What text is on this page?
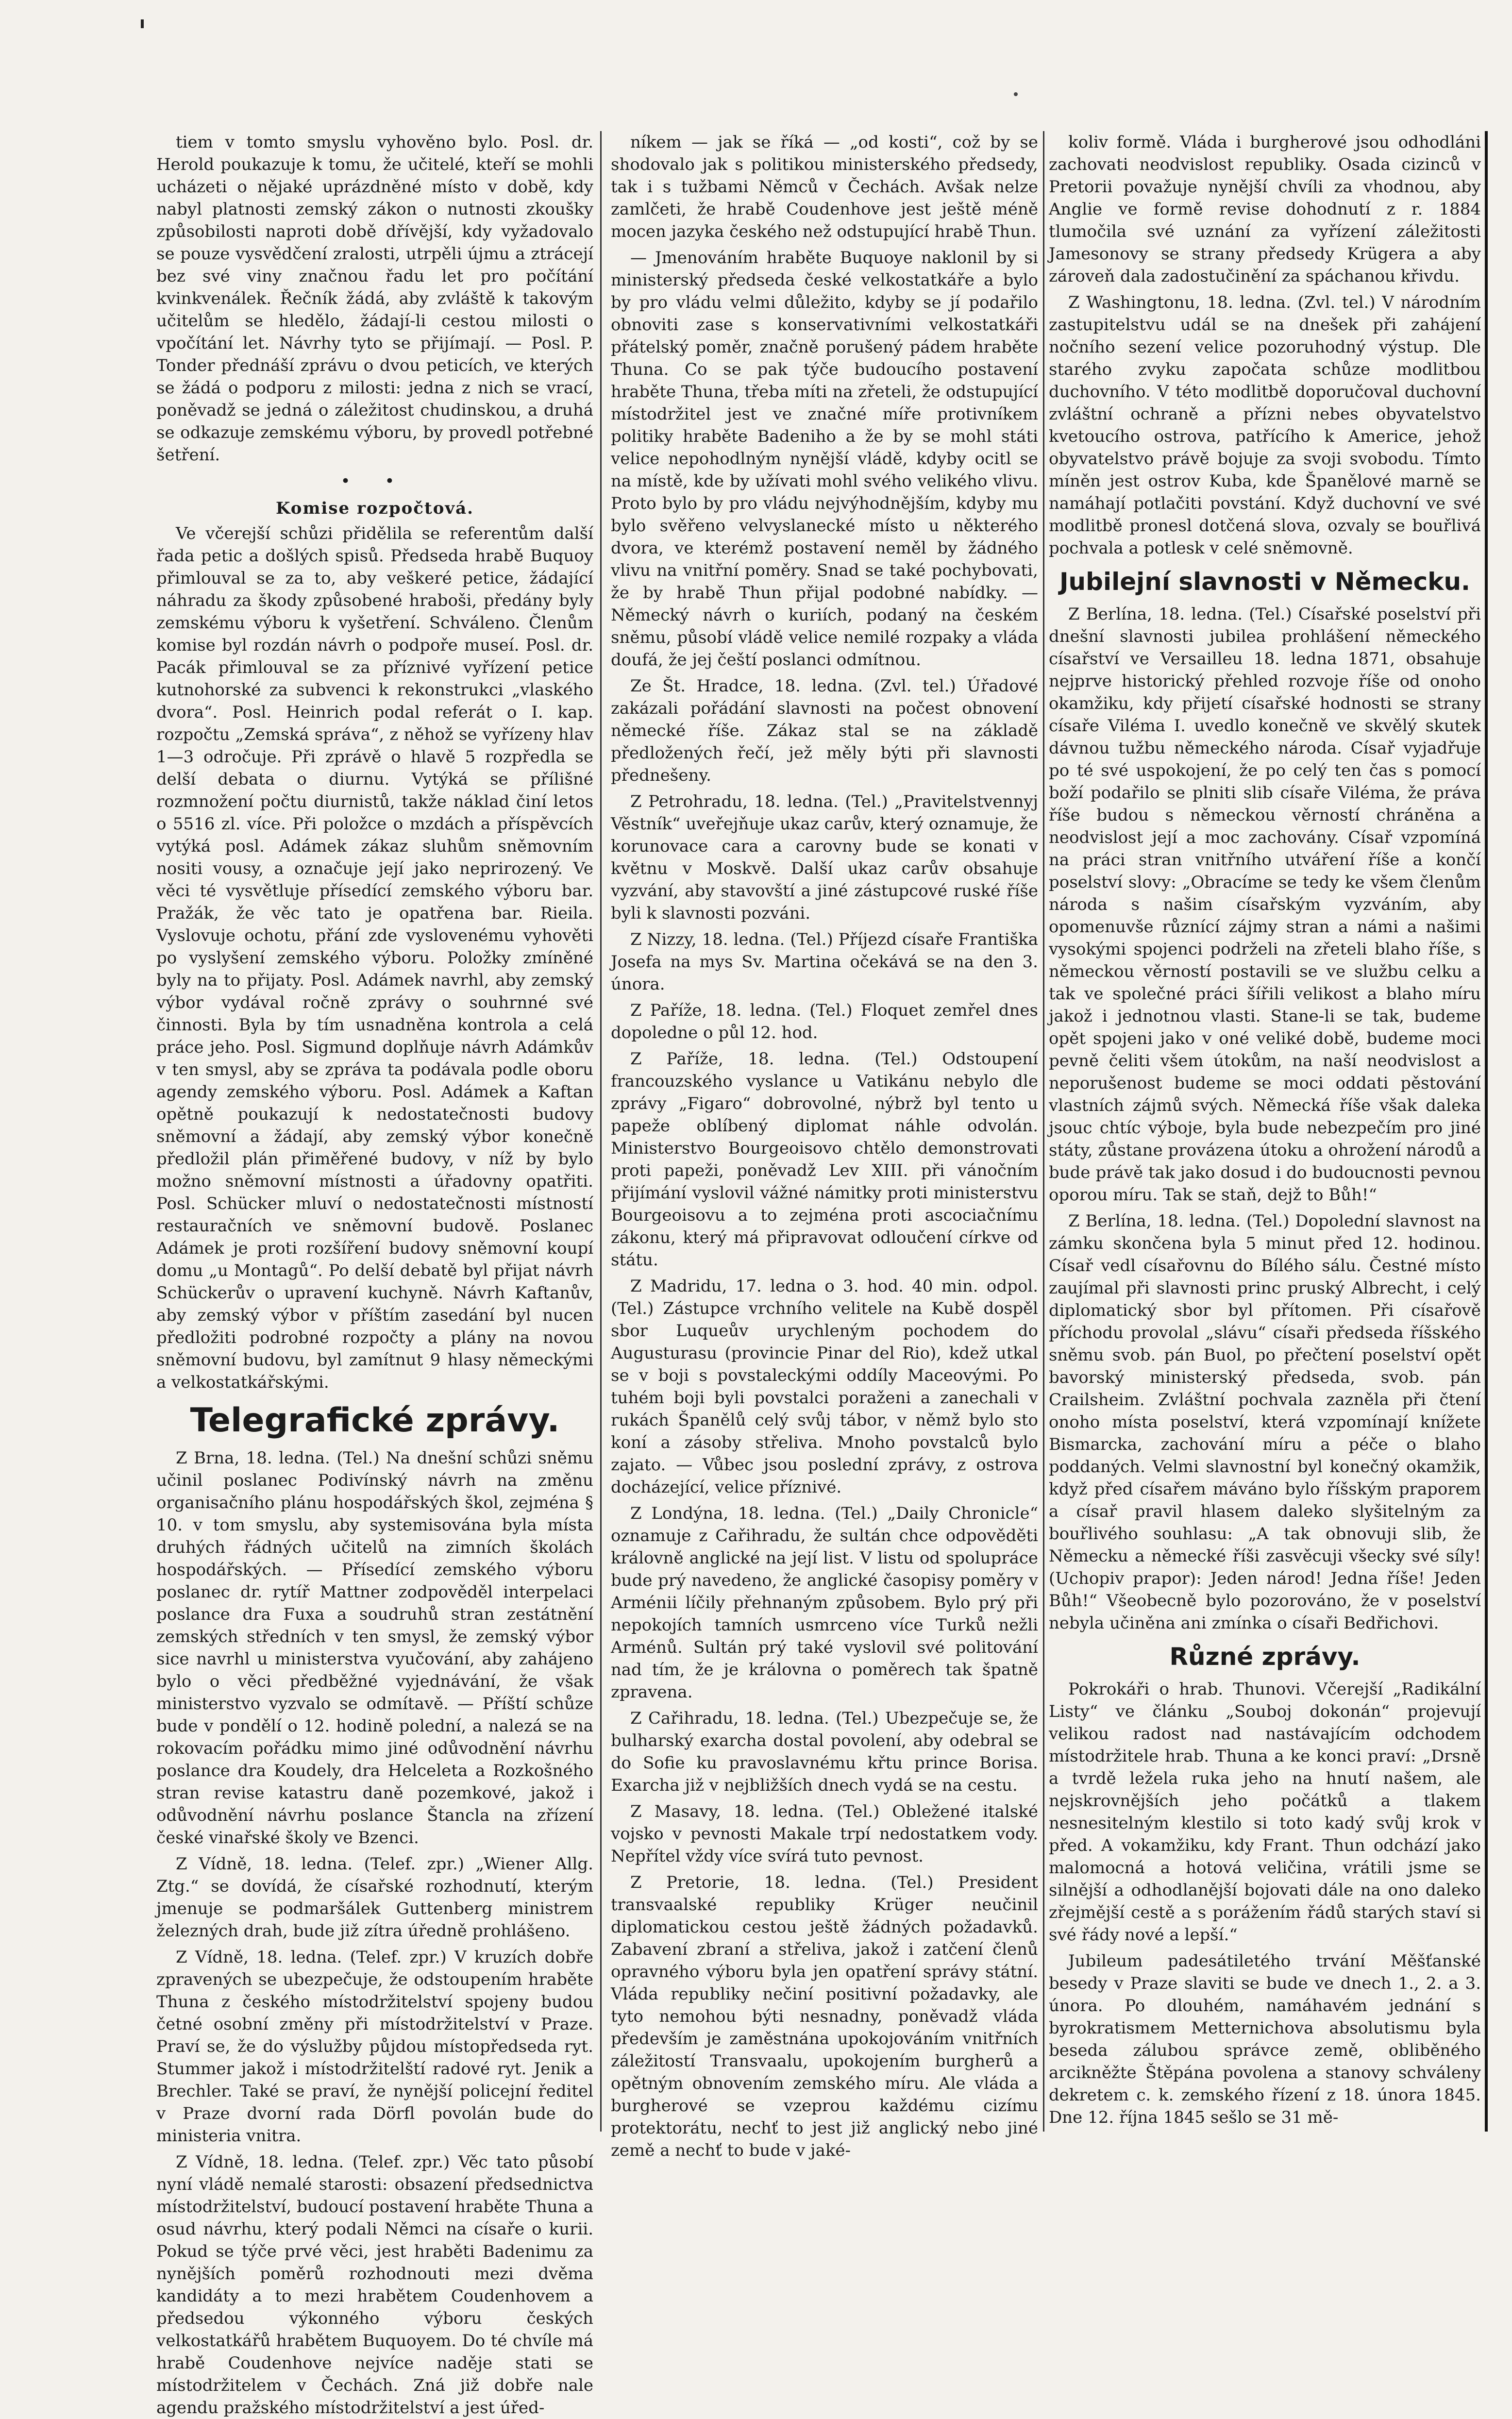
tiem v tomto smyslu vyhověno bylo. Posl. dr. Herold poukazuje k tomu, že učitelé, kteří se mohli ucházeti o nějaké uprázdněné místo v době, kdy nabyl platnosti zemský zákon o nutnosti zkoušky způsobilosti naproti době dřívější, kdy vyžadovalo se pouze vysvědčení zralosti, utrpěli újmu a ztrácejí bez své viny značnou řadu let pro počítání kvinkvenálek. Řečník žádá, aby zvláště k takovým učitelům se hledělo, žádají-li cestou milosti o vpočítání let. Návrhy tyto se přijímají. — Posl. P. Tonder přednáší zprávu o dvou peticích, ve kterých se žádá o podporu z milosti: jedna z nich se vrací, poněvadž se jedná o záležitost chudinskou, a druhá se odkazuje zemskému výboru, by provedl potřebné šetření.

• •

Komise rozpočtová.

Ve včerejší schůzi přidělila se referentům další řada petic a došlých spisů. Předseda hrabě Buquoy přimlouval se za to, aby veškeré petice, žádající náhradu za škody způsobené hraboši, předány byly zemskému výboru k vyšetření. Schváleno. Členům komise byl rozdán návrh o podpoře museí. Posl. dr. Pacák přimlouval se za příznivé vyřízení petice kutnohorské za subvenci k rekonstrukci „vlaského dvora“. Posl. Heinrich podal referát o I. kap. rozpočtu „Zemská správa“, z něhož se vyřízeny hlav 1—3 odročuje. Při zprávě o hlavě 5 rozpředla se delší debata o diurnu. Vytýká se přílišné rozmnožení počtu diurnistů, takže náklad činí letos o 5516 zl. více. Při položce o mzdách a příspěvcích vytýká posl. Adámek zákaz sluhům sněmovním nositi vousy, a označuje její jako neprirozený. Ve věci té vysvětluje přísedící zemského výboru bar. Pražák, že věc tato je opatřena bar. Rieila. Vyslovuje ochotu, přání zde vyslovenému vyhověti po vyslyšení zemského výboru. Položky zmíněné byly na to přijaty. Posl. Adámek navrhl, aby zemský výbor vydával ročně zprávy o souhrnné své činnosti. Byla by tím usnadněna kontrola a celá práce jeho. Posl. Sigmund doplňuje návrh Adámkův v ten smysl, aby se zpráva ta podávala podle oboru agendy zemského výboru. Posl. Adámek a Kaftan opětně poukazují k nedostatečnosti budovy sněmovní a žádají, aby zemský výbor konečně předložil plán přiměřené budovy, v níž by bylo možno sněmovní místnosti a úřadovny opatřiti. Posl. Schücker mluví o nedostatečnosti místností restauračních ve sněmovní budově. Poslanec Adámek je proti rozšíření budovy sněmovní koupí domu „u Montagů“. Po delší debatě byl přijat návrh Schückerův o upravení kuchyně. Návrh Kaftanův, aby zemský výbor v příštím zasedání byl nucen předložiti podrobné rozpočty a plány na novou sněmovní budovu, byl zamítnut 9 hlasy německými a velkostatkářskými.

Telegrafické zprávy.

Z Brna, 18. ledna. (Tel.) Na dnešní schůzi sněmu učinil poslanec Podivínský návrh na změnu organisačního plánu hospodářských škol, zejména § 10. v tom smyslu, aby systemisována byla místa druhých řádných učitelů na zimních školách hospodářských. — Přísedící zemského výboru poslanec dr. rytíř Mattner zodpověděl interpelaci poslance dra Fuxa a soudruhů stran zestátnění zemských středních v ten smysl, že zemský výbor sice navrhl u ministerstva vyučování, aby zahájeno bylo o věci předběžné vyjednávání, že však ministerstvo vyzvalo se odmítavě. — Příští schůze bude v pondělí o 12. hodině polední, a nalezá se na rokovacím pořádku mimo jiné odůvodnění návrhu poslance dra Koudely, dra Helceleta a Rozkošného stran revise katastru daně pozemkové, jakož i odůvodnění návrhu poslance Štancla na zřízení české vinařské školy ve Bzenci.

Z Vídně, 18. ledna. (Telef. zpr.) „Wiener Allg. Ztg.“ se dovídá, že císařské rozhodnutí, kterým jmenuje se podmaršálek Guttenberg ministrem železných drah, bude již zítra úředně prohlášeno.

Z Vídně, 18. ledna. (Telef. zpr.) V kruzích dobře zpravených se ubezpečuje, že odstoupením hraběte Thuna z českého místodržitelství spojeny budou četné osobní změny při místodržitelství v Praze. Praví se, že do výslužby půjdou místopředseda ryt. Stummer jakož i místodržitelští radové ryt. Jenik a Brechler. Také se praví, že nynější policejní ředitel v Praze dvorní rada Dörfl povolán bude do ministeria vnitra.

Z Vídně, 18. ledna. (Telef. zpr.) Věc tato působí nyní vládě nemalé starosti: obsazení předsednictva místodržitelství, budoucí postavení hraběte Thuna a osud návrhu, který podali Němci na císaře o kurii. Pokud se týče prvé věci, jest hraběti Badenimu za nynějších poměrů rozhodnouti mezi dvěma kandidáty a to mezi hrabětem Coudenhovem a předsedou výkonného výboru českých velkostatkářů hrabětem Buquoyem. Do té chvíle má hrabě Coudenhove nejvíce naděje stati se místodržitelem v Čechách. Zná již dobře nale agendu pražského místodržitelství a jest úřed-

níkem — jak se říká — „od kosti“, což by se shodovalo jak s politikou ministerského předsedy, tak i s tužbami Němců v Čechách. Avšak nelze zamlčeti, že hrabě Coudenhove jest ještě méně mocen jazyka českého než odstupující hrabě Thun.

— Jmenováním hraběte Buquoye naklonil by si ministerský předseda české velkostatkáře a bylo by pro vládu velmi důležito, kdyby se jí podařilo obnoviti zase s konservativními velkostatkáři přátelský poměr, značně porušený pádem hraběte Thuna. Co se pak týče budoucího postavení hraběte Thuna, třeba míti na zřeteli, že odstupující místodržitel jest ve značné míře protivníkem politiky hraběte Badeniho a že by se mohl státi velice nepohodlným nynější vládě, kdyby ocitl se na místě, kde by užívati mohl svého velikého vlivu. Proto bylo by pro vládu nejvýhodnějším, kdyby mu bylo svěřeno velvyslanecké místo u některého dvora, ve kterémž postavení neměl by žádného vlivu na vnitřní poměry. Snad se také pochybovati, že by hrabě Thun přijal podobné nabídky. — Německý návrh o kuriích, podaný na českém sněmu, působí vládě velice nemilé rozpaky a vláda doufá, že jej čeští poslanci odmítnou.

Ze Št. Hradce, 18. ledna. (Zvl. tel.) Úřadové zakázali pořádání slavnosti na počest obnovení německé říše. Zákaz stal se na základě předložených řečí, jež měly býti při slavnosti přednešeny.

Z Petrohradu, 18. ledna. (Tel.) „Pravitelstvennyj Věstník“ uveřejňuje ukaz carův, který oznamuje, že korunovace cara a carovny bude se konati v květnu v Moskvě. Další ukaz carův obsahuje vyzvání, aby stavovští a jiné zástupcové ruské říše byli k slavnosti pozváni.

Z Nizzy, 18. ledna. (Tel.) Příjezd císaře Františka Josefa na mys Sv. Martina očekává se na den 3. února.

Z Paříže, 18. ledna. (Tel.) Floquet zemřel dnes dopoledne o půl 12. hod.

Z Paříže, 18. ledna. (Tel.) Odstoupení francouzského vyslance u Vatikánu nebylo dle zprávy „Figaro“ dobrovolné, nýbrž byl tento u papeže oblíbený diplomat náhle odvolán. Ministerstvo Bourgeoisovo chtělo demonstrovati proti papeži, poněvadž Lev XIII. při vánočním přijímání vyslovil vážné námitky proti ministerstvu Bourgeoisovu a to zejména proti ascociačnímu zákonu, který má připravovat odloučení církve od státu.

Z Madridu, 17. ledna o 3. hod. 40 min. odpol. (Tel.) Zástupce vrchního velitele na Kubě dospěl sbor Luqueův urychleným pochodem do Augusturasu (provincie Pinar del Rio), kdež utkal se v boji s povstaleckými oddíly Maceovými. Po tuhém boji byli povstalci poraženi a zanechali v rukách Španělů celý svůj tábor, v němž bylo sto koní a zásoby střeliva. Mnoho povstalců bylo zajato. — Vůbec jsou poslední zprávy, z ostrova docházející, velice příznivé.

Z Londýna, 18. ledna. (Tel.) „Daily Chronicle“ oznamuje z Cařihradu, že sultán chce odpověděti královně anglické na její list. V listu od spolupráce bude prý navedeno, že anglické časopisy poměry v Arménii líčily přehnaným způsobem. Bylo prý při nepokojích tamních usmrceno více Turků nežli Arménů. Sultán prý také vyslovil své politování nad tím, že je královna o poměrech tak špatně zpravena.

Z Cařihradu, 18. ledna. (Tel.) Ubezpečuje se, že bulharský exarcha dostal povolení, aby odebral se do Sofie ku pravoslavnému křtu prince Borisa. Exarcha již v nejbližších dnech vydá se na cestu.

Z Masavy, 18. ledna. (Tel.) Obležené italské vojsko v pevnosti Makale trpí nedostatkem vody. Nepřítel vždy více svírá tuto pevnost.

Z Pretorie, 18. ledna. (Tel.) President transvaalské republiky Krüger neučinil diplomatickou cestou ještě žádných požadavků. Zabavení zbraní a střeliva, jakož i zatčení členů opravného výboru byla jen opatření správy státní. Vláda republiky nečiní positivní požadavky, ale tyto nemohou býti nesnadny, poněvadž vláda především je zaměstnána upokojováním vnitřních záležitostí Transvaalu, upokojením burgherů a opětným obnovením zemského míru. Ale vláda a burgherové se vzeprou každému cizímu protektorátu, nechť to jest již anglický nebo jiné země a nechť to bude v jaké-

koliv formě. Vláda i burgherové jsou odhodláni zachovati neodvislost republiky. Osada cizinců v Pretorii považuje nynější chvíli za vhodnou, aby Anglie ve formě revise dohodnutí z r. 1884 tlumočila své uznání za vyřízení záležitosti Jamesonovy se strany předsedy Krügera a aby zároveň dala zadostučinění za spáchanou křivdu.

Z Washingtonu, 18. ledna. (Zvl. tel.) V národním zastupitelstvu udál se na dnešek při zahájení nočního sezení velice pozoruhodný výstup. Dle starého zvyku započata schůze modlitbou duchovního. V této modlitbě doporučoval duchovní zvláštní ochraně a přízni nebes obyvatelstvo kvetoucího ostrova, patřícího k Americe, jehož obyvatelstvo právě bojuje za svoji svobodu. Tímto míněn jest ostrov Kuba, kde Španělové marně se namáhají potlačiti povstání. Když duchovní ve své modlitbě pronesl dotčená slova, ozvaly se bouřlivá pochvala a potlesk v celé sněmovně.

Jubilejní slavnosti v Německu.

Z Berlína, 18. ledna. (Tel.) Císařské poselství při dnešní slavnosti jubilea prohlášení německého císařství ve Versailleu 18. ledna 1871, obsahuje nejprve historický přehled rozvoje říše od onoho okamžiku, kdy přijetí císařské hodnosti se strany císaře Viléma I. uvedlo konečně ve skvělý skutek dávnou tužbu německého národa. Císař vyjadřuje po té své uspokojení, že po celý ten čas s pomocí boží podařilo se plniti slib císaře Viléma, že práva říše budou s německou věrností chráněna a neodvislost její a moc zachovány. Císař vzpomíná na práci stran vnitřního utváření říše a končí poselství slovy: „Obracíme se tedy ke všem členům národa s našim císařským vyzváním, aby opomenuvše různící zájmy stran a námi a našimi vysokými spojenci podrželi na zřeteli blaho říše, s německou věrností postavili se ve službu celku a tak ve společné práci šířili velikost a blaho míru jakož i jednotnou vlasti. Stane-li se tak, budeme opět spojeni jako v oné veliké době, budeme moci pevně čeliti všem útokům, na naší neodvislost a neporušenost budeme se moci oddati pěstování vlastních zájmů svých. Německá říše však daleka jsouc chtíc výboje, byla bude nebezpečím pro jiné státy, zůstane provázena útoku a ohrožení národů a bude právě tak jako dosud i do budoucnosti pevnou oporou míru. Tak se staň, dejž to Bůh!“

Z Berlína, 18. ledna. (Tel.) Dopolední slavnost na zámku skončena byla 5 minut před 12. hodinou. Císař vedl císařovnu do Bílého sálu. Čestné místo zaujímal při slavnosti princ pruský Albrecht, i celý diplomatický sbor byl přítomen. Při císařově příchodu provolal „slávu“ císaři předseda říšského sněmu svob. pán Buol, po přečtení poselství opět bavorský ministerský předseda, svob. pán Crailsheim. Zvláštní pochvala zazněla při čtení onoho místa poselství, která vzpomínají knížete Bismarcka, zachování míru a péče o blaho poddaných. Velmi slavnostní byl konečný okamžik, když před císařem máváno bylo říšským praporem a císař pravil hlasem daleko slyšitelným za bouřlivého souhlasu: „A tak obnovuji slib, že Německu a německé říši zasvěcuji všecky své síly! (Uchopiv prapor): Jeden národ! Jedna říše! Jeden Bůh!“ Všeobecně bylo pozorováno, že v poselství nebyla učiněna ani zmínka o císaři Bedřichovi.

Různé zprávy.

Pokrokáři o hrab. Thunovi. Včerejší „Radikální Listy“ ve článku „Souboj dokonán“ projevují velikou radost nad nastávajícím odchodem místodržitele hrab. Thuna a ke konci praví: „Drsně a tvrdě ležela ruka jeho na hnutí našem, ale nejskrovnějších jeho počátků a tlakem nesnesitelným klestilo si toto kadý svůj krok v před. A vokamžiku, kdy Frant. Thun odchází jako malomocná a hotová veličina, vrátili jsme se silnější a odhodlanější bojovati dále na ono daleko zřejmější cestě a s porážením řádů starých staví si své řády nové a lepší.“

Jubileum padesátiletého trvání Měšťanské besedy v Praze slaviti se bude ve dnech 1., 2. a 3. února. Po dlouhém, namáhavém jednání s byrokratismem Metternichova absolutismu byla beseda zálubou správce země, obliběného arcikněžte Štěpána povolena a stanovy schváleny dekretem c. k. zemského řízení z 18. února 1845. Dne 12. října 1845 sešlo se 31 mě-
